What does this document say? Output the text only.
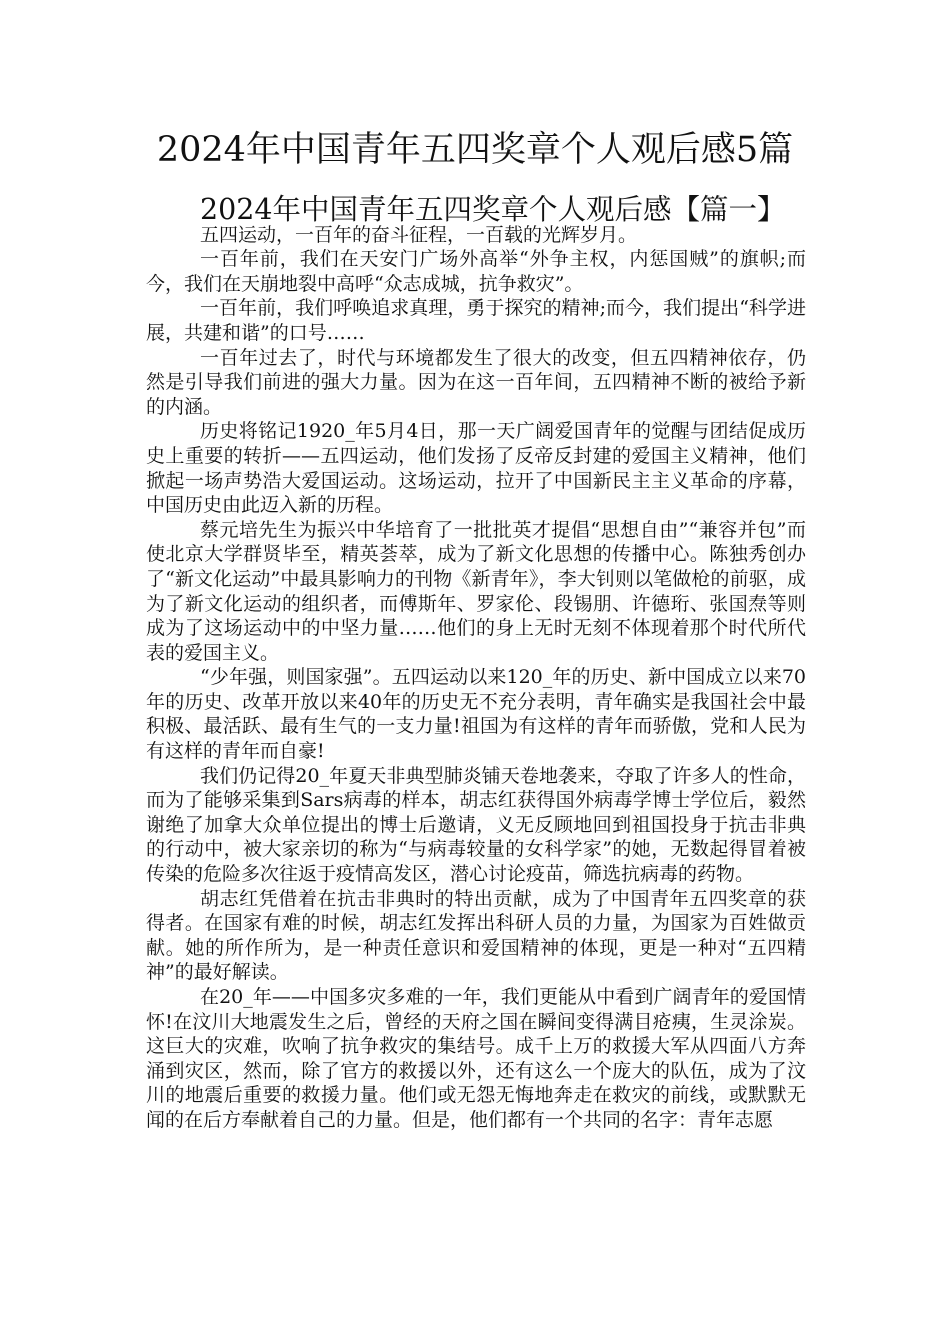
2024年中国青年五四奖章个人观后感5篇
2024年中国青年五四奖章个人观后感【篇一】

五四运动，一百年的奋斗征程，一百载的光辉岁月。

一百年前，我们在天安门广场外高举“外争主权，内惩国贼”的旗帜;而今，我们在天崩地裂中高呼“众志成城，抗争救灾”。

一百年前，我们呼唤追求真理，勇于探究的精神;而今，我们提出“科学进展，共建和谐”的口号……

一百年过去了，时代与环境都发生了很大的改变，但五四精神依存，仍然是引导我们前进的强大力量。因为在这一百年间，五四精神不断的被给予新的内涵。

历史将铭记1920_年5月4日，那一天广阔爱国青年的觉醒与团结促成历史上重要的转折——五四运动，他们发扬了反帝反封建的爱国主义精神，他们掀起一场声势浩大爱国运动。这场运动，拉开了中国新民主主义革命的序幕，中国历史由此迈入新的历程。

蔡元培先生为振兴中华培育了一批批英才提倡“思想自由”“兼容并包”而使北京大学群贤毕至，精英荟萃，成为了新文化思想的传播中心。陈独秀创办了“新文化运动”中最具影响力的刊物《新青年》，李大钊则以笔做枪的前驱，成为了新文化运动的组织者，而傅斯年、罗家伦、段锡朋、许德珩、张国焘等则成为了这场运动中的中坚力量……他们的身上无时无刻不体现着那个时代所代表的爱国主义。

“少年强，则国家强”。五四运动以来120_年的历史、新中国成立以来70年的历史、改革开放以来40年的历史无不充分表明，青年确实是我国社会中最积极、最活跃、最有生气的一支力量!祖国为有这样的青年而骄傲，党和人民为有这样的青年而自豪!

我们仍记得20_年夏天非典型肺炎铺天卷地袭来，夺取了许多人的性命，而为了能够采集到Sars病毒的样本，胡志红获得国外病毒学博士学位后，毅然谢绝了加拿大众单位提出的博士后邀请，义无反顾地回到祖国投身于抗击非典的行动中，被大家亲切的称为“与病毒较量的女科学家”的她，无数起得冒着被传染的危险多次往返于疫情高发区，潜心讨论疫苗，筛选抗病毒的药物。

胡志红凭借着在抗击非典时的特出贡献，成为了中国青年五四奖章的获得者。在国家有难的时候，胡志红发挥出科研人员的力量，为国家为百姓做贡献。她的所作所为，是一种责任意识和爱国精神的体现，更是一种对“五四精神”的最好解读。

在20_年——中国多灾多难的一年，我们更能从中看到广阔青年的爱国情怀!在汶川大地震发生之后，曾经的天府之国在瞬间变得满目疮痍，生灵涂炭。这巨大的灾难，吹响了抗争救灾的集结号。成千上万的救援大军从四面八方奔涌到灾区，然而，除了官方的救援以外，还有这么一个庞大的队伍，成为了汶川的地震后重要的救援力量。他们或无怨无悔地奔走在救灾的前线，或默默无闻的在后方奉献着自己的力量。但是，他们都有一个共同的名字：青年志愿
